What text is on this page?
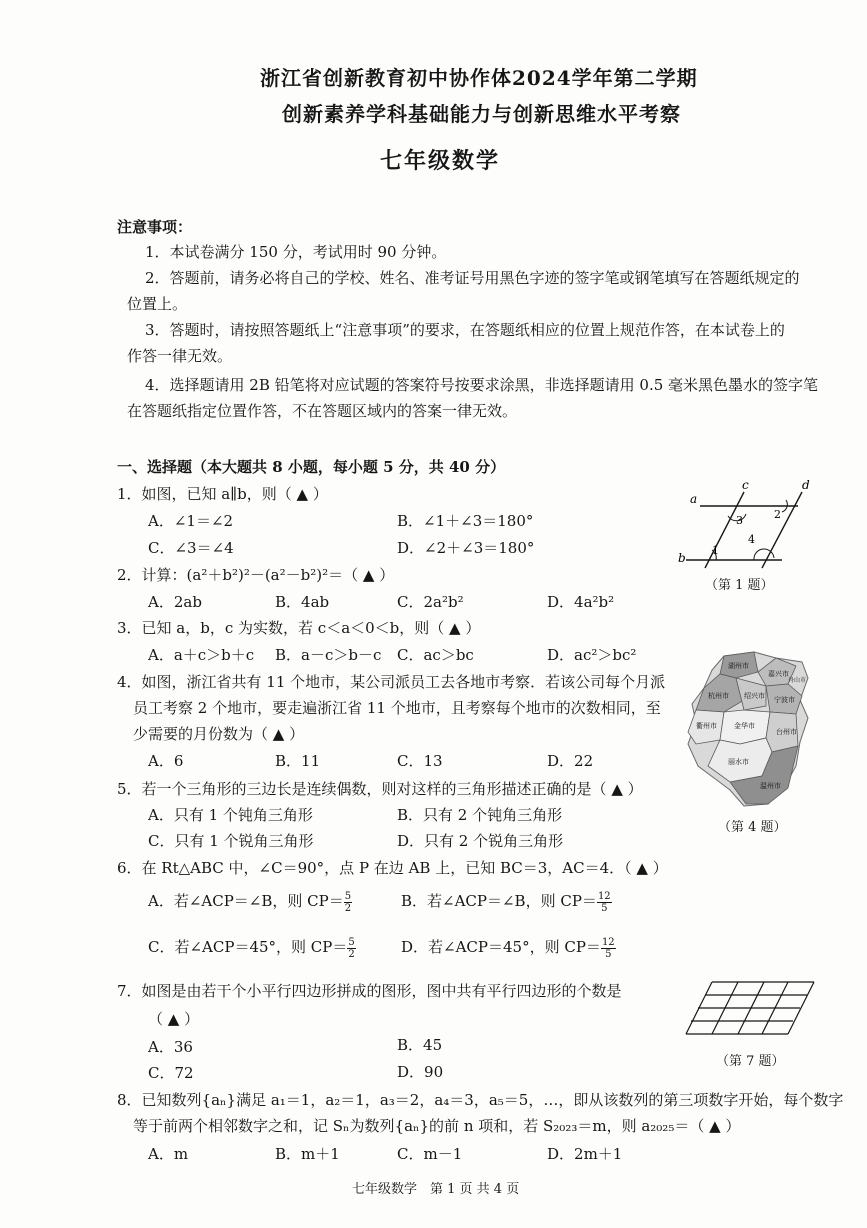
浙江省创新教育初中协作体2024学年第二学期
创新素养学科基础能力与创新思维水平考察
七年级数学
注意事项：
1．本试卷满分 150 分，考试用时 90 分钟。
2．答题前，请务必将自己的学校、姓名、准考证号用黑色字迹的签字笔或钢笔填写在答题纸规定的
位置上。
3．答题时，请按照答题纸上“注意事项”的要求，在答题纸相应的位置上规范作答，在本试卷上的
作答一律无效。
4．选择题请用 2B 铅笔将对应试题的答案符号按要求涂黑，非选择题请用 0.5 毫米黑色墨水的签字笔
在答题纸指定位置作答，不在答题区域内的答案一律无效。
一、选择题（本大题共 8 小题，每小题 5 分，共 40 分）
1．如图，已知 a∥b，则（ ▲ ）
A．∠1＝∠2	B．∠1＋∠3＝180°
C．∠3＝∠4	D．∠2＋∠3＝180°
a
c	d
b
1
2
3
4
（第 1 题）
2．计算：(a²＋b²)²－(a²－b²)²＝（ ▲ ）
A．2ab	B．4ab	C．2a²b²	D．4a²b²
3．已知 a，b，c 为实数，若 c＜a＜0＜b，则（ ▲ ）
A．a＋c＞b＋c B．a－c＞b－c C．ac＞bc	D．ac²＞bc²
4．如图，浙江省共有 11 个地市，某公司派员工去各地市考察．若该公司每个月派
员工考察 2 个地市，要走遍浙江省 11 个地市，且考察每个地市的次数相同，至
少需要的月份数为（ ▲ ）
A．6	B．11	C．13	D．22
湖州市
嘉兴市
杭州市 绍兴市 宁波市
舟山市
衢州市 金华市
台州市
丽水市
温州市
（第 4 题）
5．若一个三角形的三边长是连续偶数，则对这样的三角形描述正确的是（ ▲ ）
A．只有 1 个钝角三角形	B．只有 2 个钝角三角形
C．只有 1 个锐角三角形	D．只有 2 个锐角三角形
6．在 Rt△ABC 中，∠C＝90°，点 P 在边 AB 上，已知 BC＝3，AC＝4．（ ▲ ）
A．若∠ACP＝∠B，则 $CP= \frac{5}{2}$	B．若∠ACP＝∠B，则 $CP= \frac{12}{5}$
C．若∠ACP＝45°，则 $CP= \frac{5}{2}$	D．若∠ACP＝45°，则 $CP= \frac{12}{5}$
7．如图是由若干个小平行四边形拼成的图形，图中共有平行四边形的个数是
（ ▲ ）
A．36	B．45
C．72	D．90
（第 7 题）
8．已知数列{aₙ}满足 a₁＝1，a₂＝1，a₃＝2，a₄＝3，a₅＝5，…，即从该数列的第三项数字开始，每个数字
等于前两个相邻数字之和，记 Sₙ为数列{aₙ}的前 n 项和，若 S₂₀₂₃＝m，则 a₂₀₂₅＝（ ▲ ）
A．m	B．m＋1	C．m－1	D．2m＋1
七年级数学　第 1 页 共 4 页
